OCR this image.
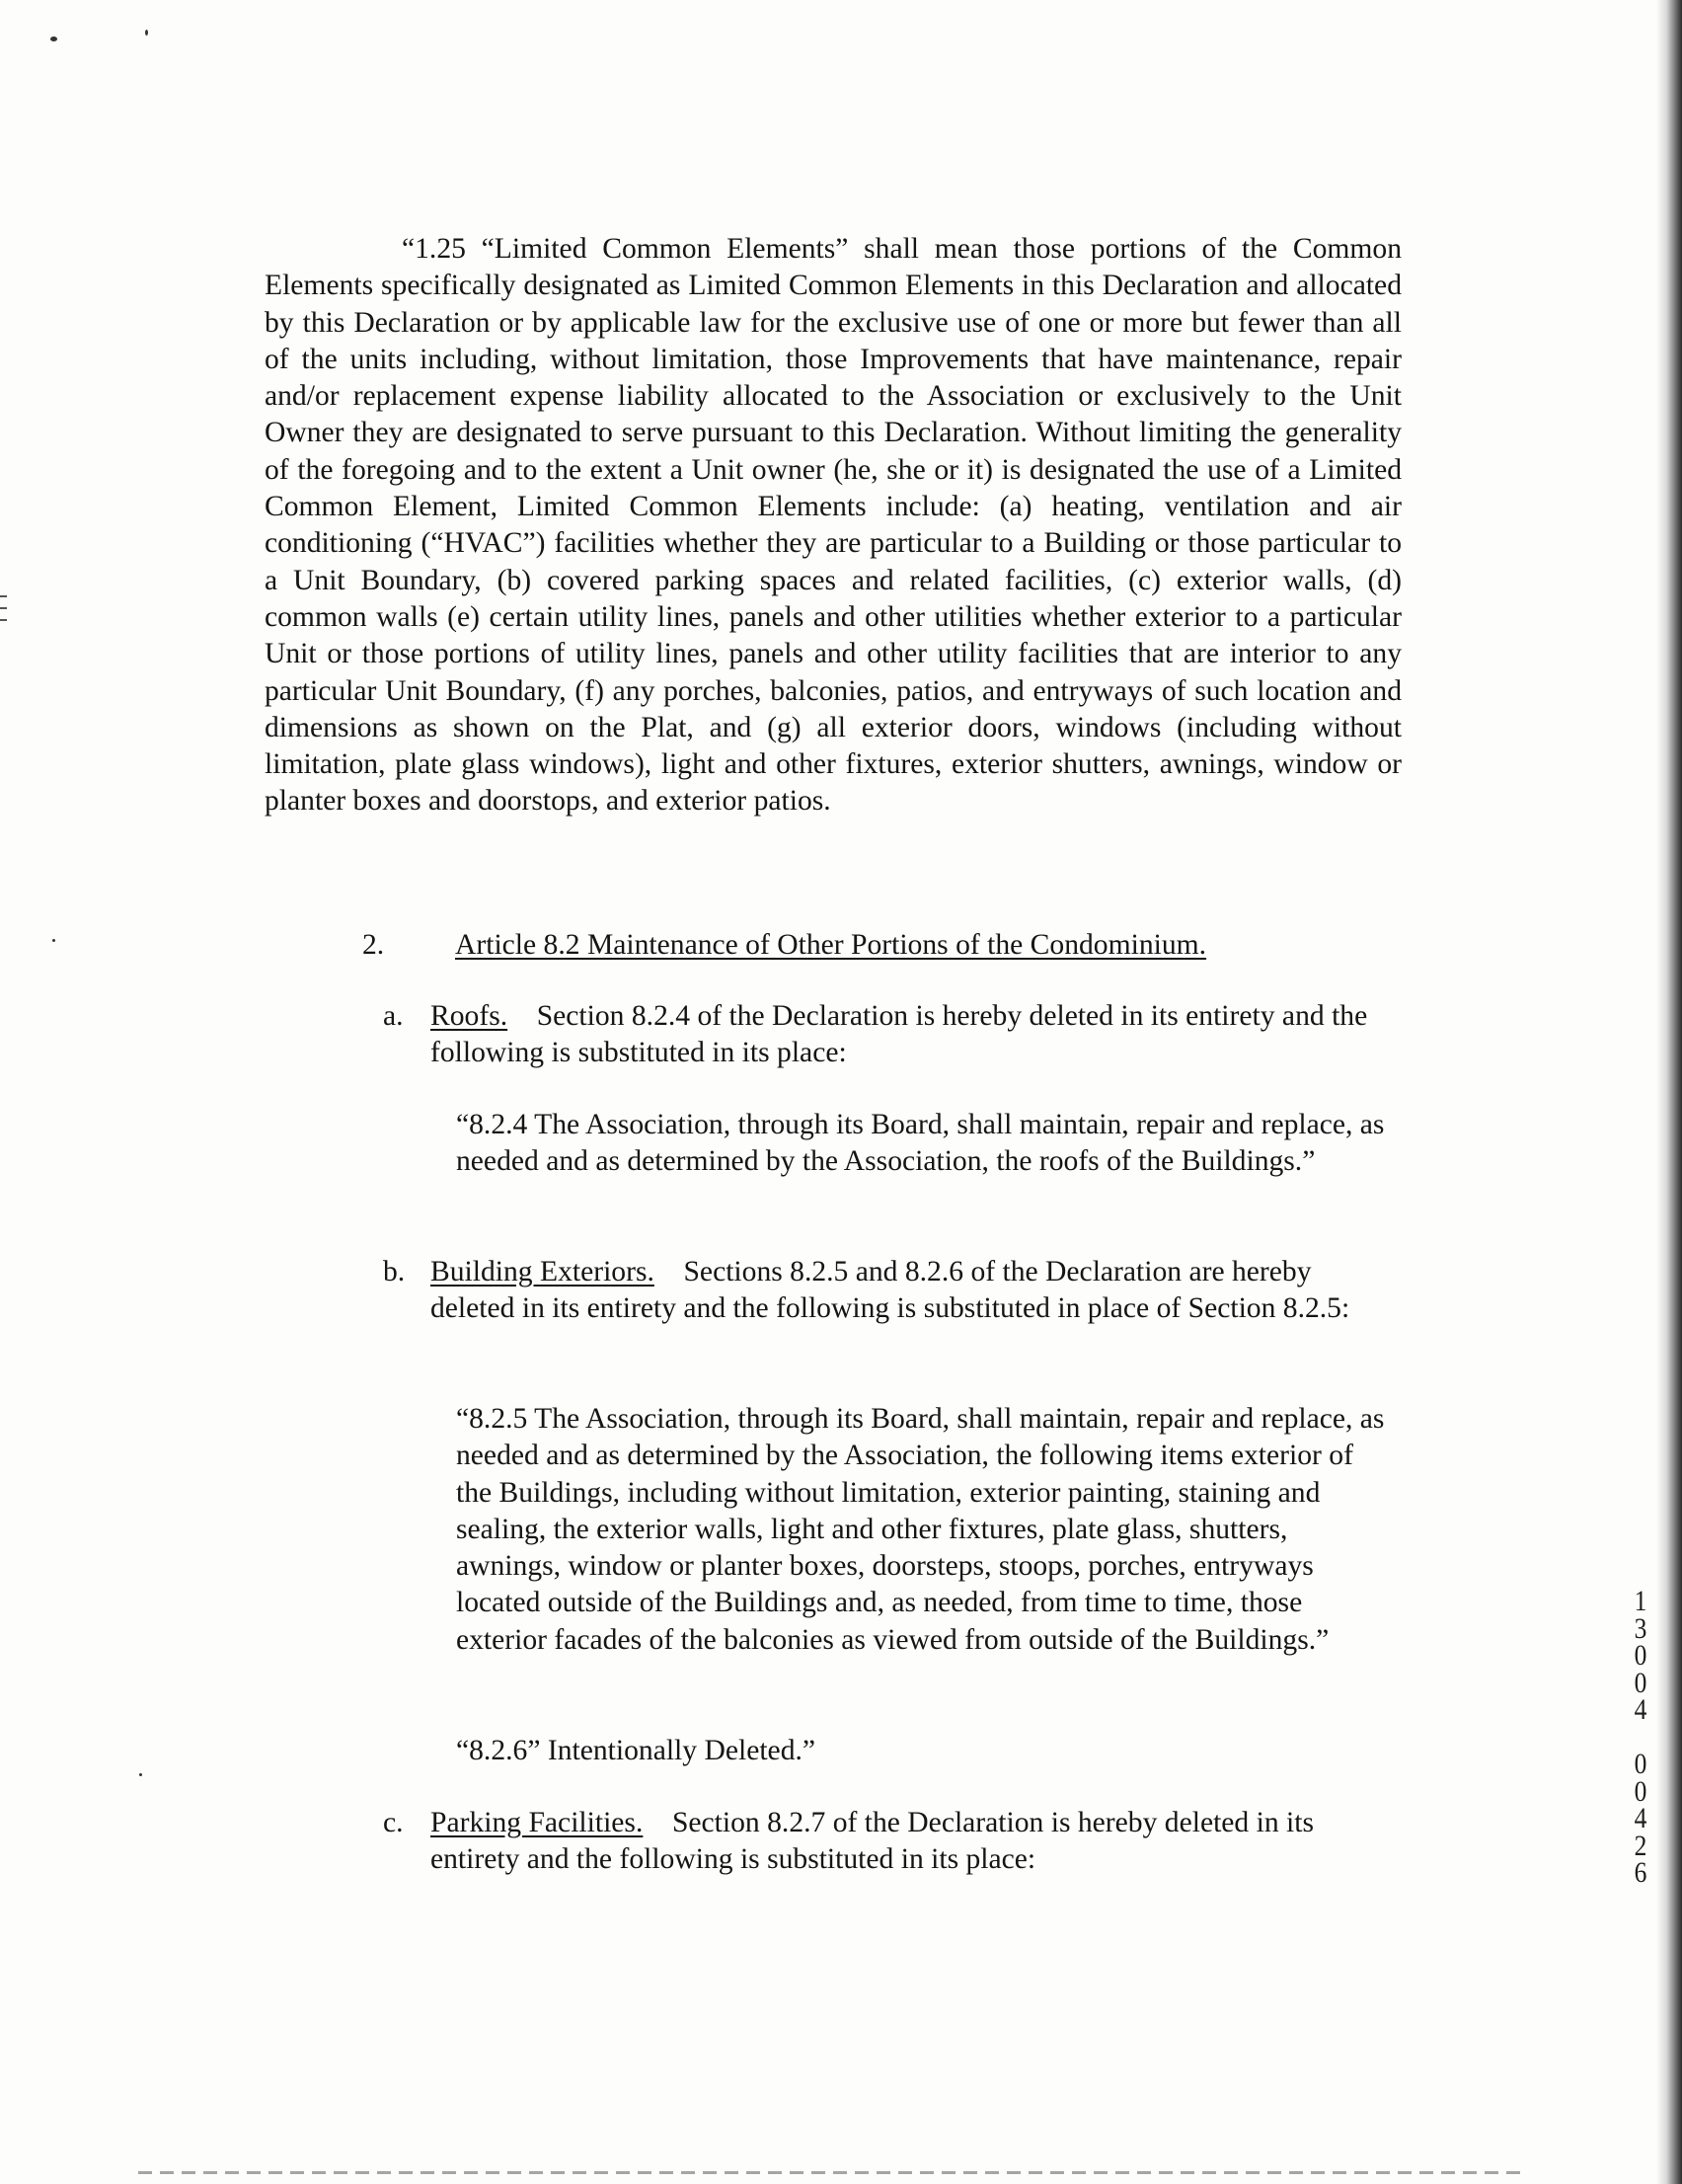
“1.25 “Limited Common Elements” shall mean those portions of the Common Elements specifically designated as Limited Common Elements in this Declaration and allocated by this Declaration or by applicable law for the exclusive use of one or more but fewer than all of the units including, without limitation, those Improvements that have maintenance, repair and/or replacement expense liability allocated to the Association or exclusively to the Unit Owner they are designated to serve pursuant to this Declaration. Without limiting the generality of the foregoing and to the extent a Unit owner (he, she or it) is designated the use of a Limited Common Element, Limited Common Elements include: (a) heating, ventilation and air conditioning (“HVAC”) facilities whether they are particular to a Building or those particular to a Unit Boundary, (b) covered parking spaces and related facilities, (c) exterior walls, (d) common walls (e) certain utility lines, panels and other utilities whether exterior to a particular Unit or those portions of utility lines, panels and other utility facilities that are interior to any particular Unit Boundary, (f) any porches, balconies, patios, and entryways of such location and dimensions as shown on the Plat, and (g) all exterior doors, windows (including without limitation, plate glass windows), light and other fixtures, exterior shutters, awnings, window or planter boxes and doorstops, and exterior patios.

2. Article 8.2 Maintenance of Other Portions of the Condominium.
a. Roofs. Section 8.2.4 of the Declaration is hereby deleted in its entirety and the following is substituted in its place:

“8.2.4 The Association, through its Board, shall maintain, repair and replace, as needed and as determined by the Association, the roofs of the Buildings.”

b. Building Exteriors. Sections 8.2.5 and 8.2.6 of the Declaration are hereby deleted in its entirety and the following is substituted in place of Section 8.2.5:

“8.2.5 The Association, through its Board, shall maintain, repair and replace, as needed and as determined by the Association, the following items exterior of the Buildings, including without limitation, exterior painting, staining and sealing, the exterior walls, light and other fixtures, plate glass, shutters, awnings, window or planter boxes, doorsteps, stoops, porches, entryways located outside of the Buildings and, as needed, from time to time, those exterior facades of the balconies as viewed from outside of the Buildings.”

“8.2.6” Intentionally Deleted.”

c. Parking Facilities. Section 8.2.7 of the Declaration is hereby deleted in its entirety and the following is substituted in its place:
1
3
0
0
4

0
0
4
2
6
